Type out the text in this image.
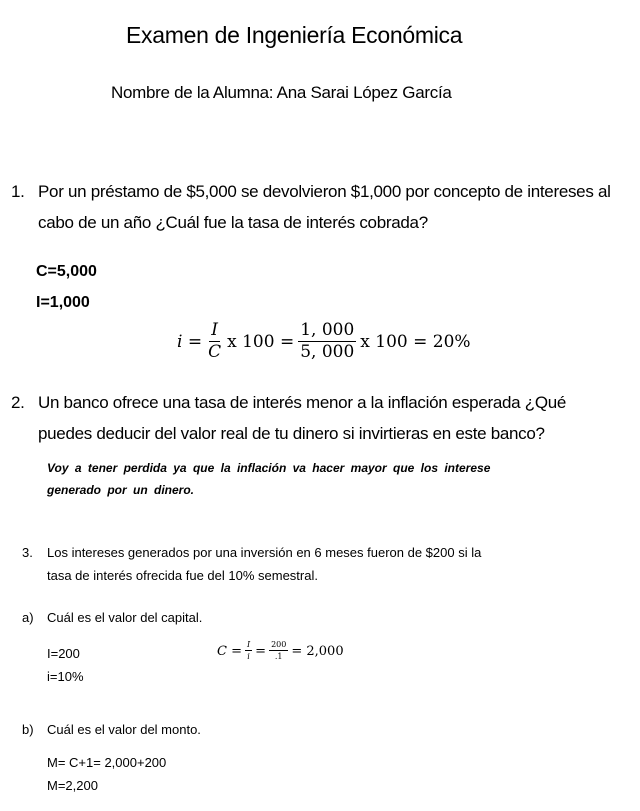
Examen de Ingeniería Económica
Nombre de la Alumna: Ana Sarai López García
1. Por un préstamo de $5,000 se devolvieron $1,000 por concepto de intereses al
cabo de un año ¿Cuál fue la tasa de interés cobrada?
C=5,000
I=1,000
$i = \frac{I}{C}$ x $100 = \frac{1, 000}{5, 000}$ x 100 = 20%
2. Un banco ofrece una tasa de interés menor a la inflación esperada ¿Qué
puedes deducir del valor real de tu dinero si invirtieras en este banco?
Voy a tener perdida ya que la inflación va hacer mayor que los interese
generado por un dinero.
3. Los intereses generados por una inversión en 6 meses fueron de $200 si la
tasa de interés ofrecida fue del 10% semestral.
a) Cuál es el valor del capital.
I=200
i=10%
$C = \frac{I}{i} = \frac{200}{.1} = 2,000$
b) Cuál es el valor del monto.
M= C+1= 2,000+200
M=2,200
